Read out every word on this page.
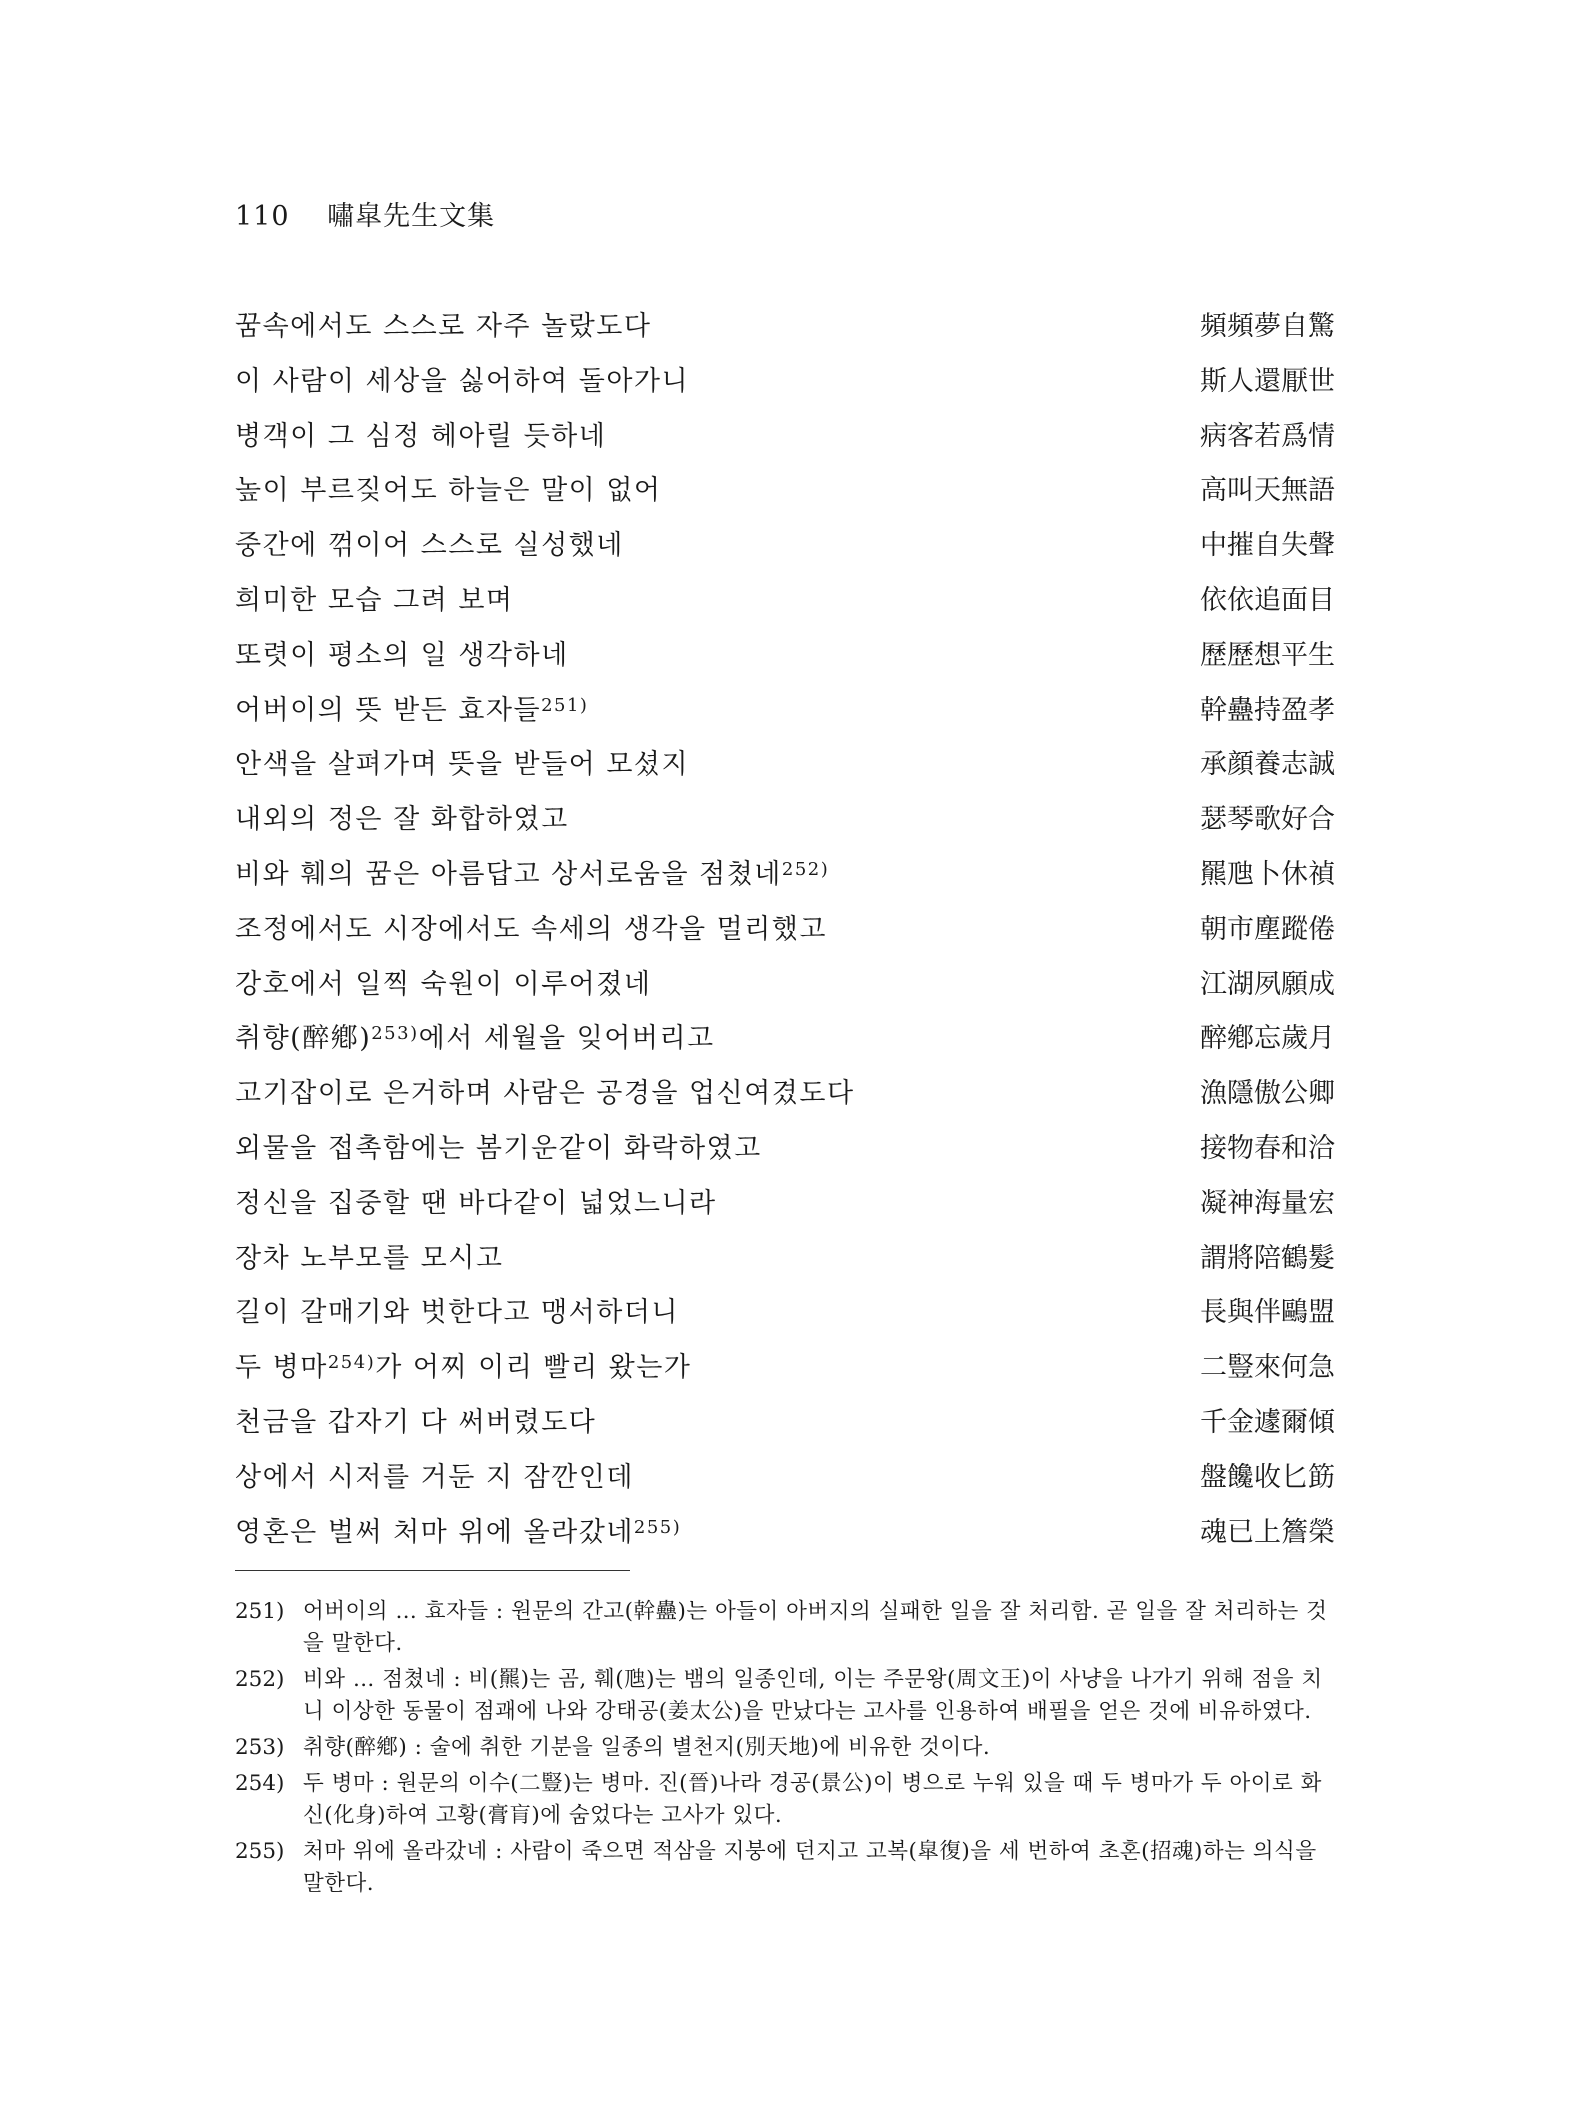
110 嘯皐先生文集
꿈속에서도 스스로 자주 놀랐도다	頻頻夢自驚
이 사람이 세상을 싫어하여 돌아가니	斯人還厭世
병객이 그 심정 헤아릴 듯하네	病客若爲情
높이 부르짖어도 하늘은 말이 없어	高叫天無語
중간에 꺾이어 스스로 실성했네	中摧自失聲
희미한 모습 그려 보며	依依追面目
또렷이 평소의 일 생각하네	歷歷想平生
어버이의 뜻 받든 효자들$^{251)}$	幹蠱持盈孝
안색을 살펴가며 뜻을 받들어 모셨지	承顔養志誠
내외의 정은 잘 화합하였고	瑟琴歌好合
비와 훼의 꿈은 아름답고 상서로움을 점쳤네$^{252)}$	羆虺卜休禎
조정에서도 시장에서도 속세의 생각을 멀리했고	朝市塵蹤倦
강호에서 일찍 숙원이 이루어졌네	江湖夙願成
취향(醉鄕)$^{253)}$에서 세월을 잊어버리고	醉鄕忘歲月
고기잡이로 은거하며 사람은 공경을 업신여겼도다	漁隱傲公卿
외물을 접촉함에는 봄기운같이 화락하였고	接物春和洽
정신을 집중할 땐 바다같이 넓었느니라	凝神海量宏
장차 노부모를 모시고	謂將陪鶴髮
길이 갈매기와 벗한다고 맹서하더니	長與伴鷗盟
두 병마$^{254)}$가 어찌 이리 빨리 왔는가	二豎來何急
천금을 갑자기 다 써버렸도다	千金遽爾傾
상에서 시저를 거둔 지 잠깐인데	盤饞收匕筯
영혼은 벌써 처마 위에 올라갔네$^{255)}$	魂已上簷榮
251) 어버이의 … 효자들 : 원문의 간고(幹蠱)는 아들이 아버지의 실패한 일을 잘 처리함. 곧 일을 잘 처리하는 것을 말한다.
252) 비와 … 점쳤네 : 비(羆)는 곰, 훼(虺)는 뱀의 일종인데, 이는 주문왕(周文王)이 사냥을 나가기 위해 점을 치니 이상한 동물이 점괘에 나와 강태공(姜太公)을 만났다는 고사를 인용하여 배필을 얻은 것에 비유하였다.
253) 취향(醉鄕) : 술에 취한 기분을 일종의 별천지(別天地)에 비유한 것이다.
254) 두 병마 : 원문의 이수(二豎)는 병마. 진(晉)나라 경공(景公)이 병으로 누워 있을 때 두 병마가 두 아이로 화신(化身)하여 고황(膏肓)에 숨었다는 고사가 있다.
255) 처마 위에 올라갔네 : 사람이 죽으면 적삼을 지붕에 던지고 고복(皐復)을 세 번하여 초혼(招魂)하는 의식을 말한다.
